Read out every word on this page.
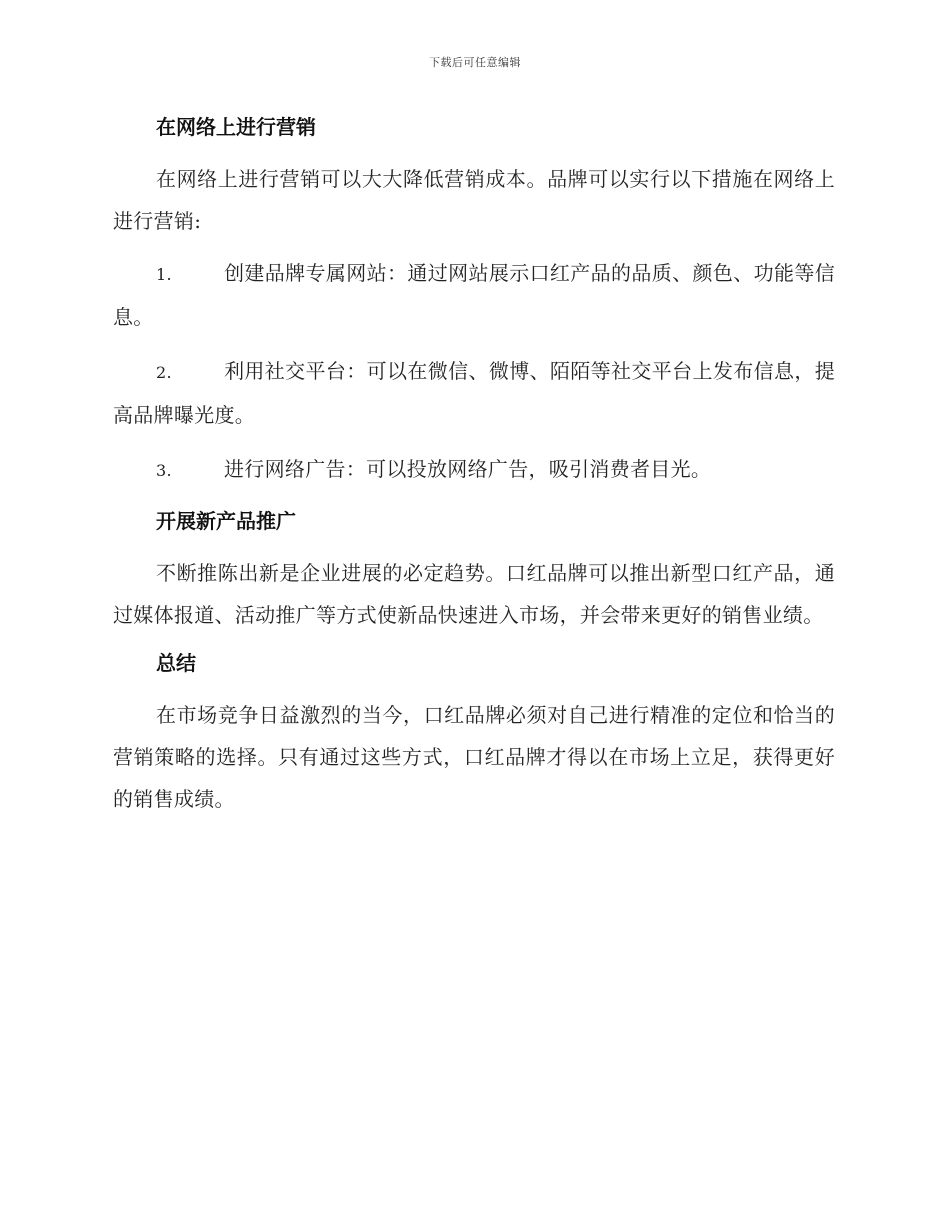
下载后可任意编辑
在网络上进行营销

在网络上进行营销可以大大降低营销成本。品牌可以实行以下措施在网络上进行营销:

1.	创建品牌专属网站：通过网站展示口红产品的品质、颜色、功能等信息。
2.	利用社交平台：可以在微信、微博、陌陌等社交平台上发布信息，提高品牌曝光度。
3.	进行网络广告：可以投放网络广告，吸引消费者目光。
开展新产品推广

不断推陈出新是企业进展的必定趋势。口红品牌可以推出新型口红产品，通过媒体报道、活动推广等方式使新品快速进入市场，并会带来更好的销售业绩。

总结

在市场竞争日益激烈的当今，口红品牌必须对自己进行精准的定位和恰当的营销策略的选择。只有通过这些方式，口红品牌才得以在市场上立足，获得更好的销售成绩。
